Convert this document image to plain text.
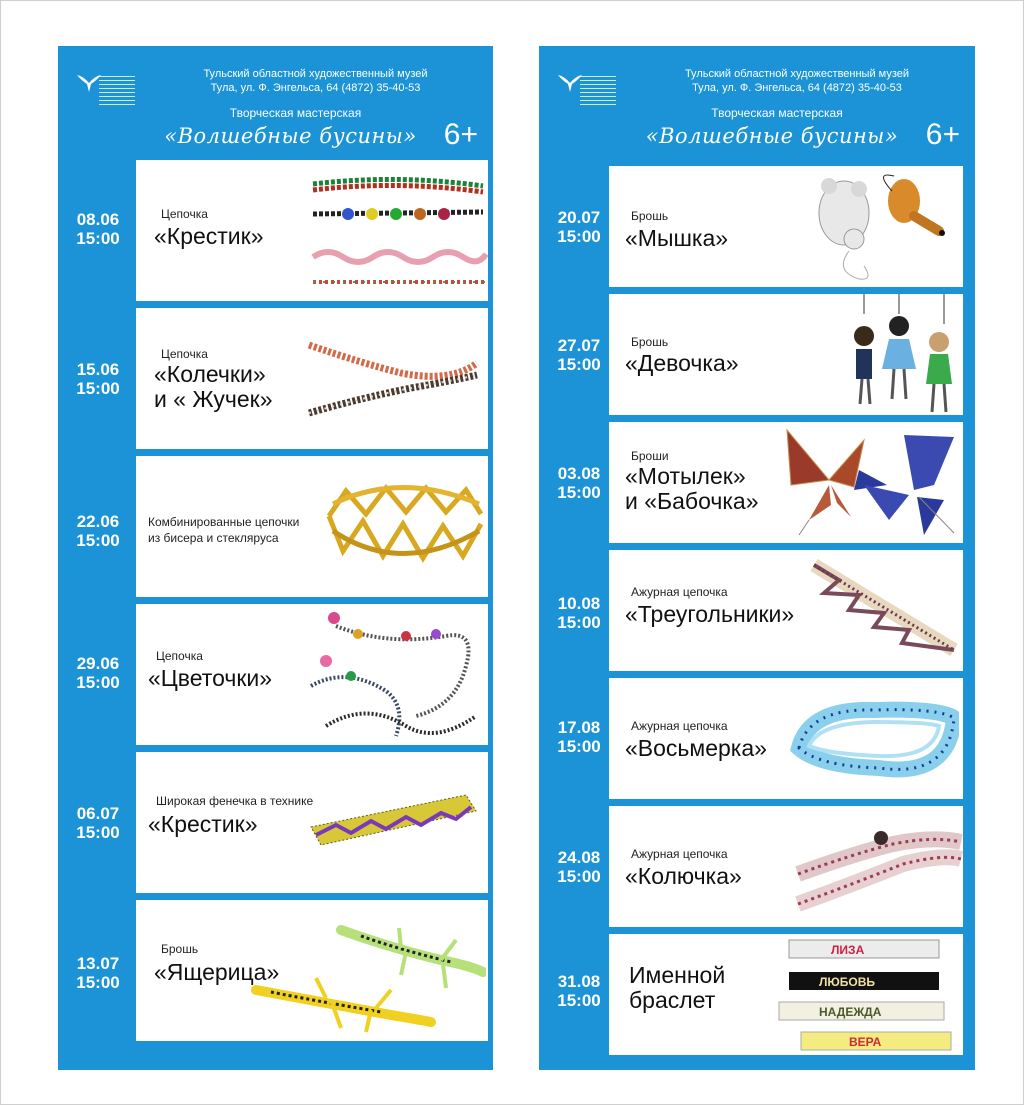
Тульский областной художественный музей
Тула, ул. Ф. Энгельса, 64 (4872) 35-40-53
Творческая мастерская
«Волшебные бусины» 6+
Тульский областной художественный музей
Тула, ул. Ф. Энгельса, 64 (4872) 35-40-53
Творческая мастерская
«Волшебные бусины» 6+
08.06
15:00
Цепочка
«Крестик»
15.06
15:00
Цепочка
«Колечки»
и « Жучек»
22.06
15:00
Комбинированные цепочки
из бисера и стекляруса
29.06
15:00
Цепочка
«Цветочки»
06.07
15:00
Широкая фенечка в технике
«Крестик»
13.07
15:00
Брошь
«Ящерица»
20.07
15:00
Брошь
«Мышка»
27.07
15:00
Брошь
«Девочка»
03.08
15:00
Броши
«Мотылек»
и «Бабочка»
10.08
15:00
Ажурная цепочка
«Треугольники»
17.08
15:00
Ажурная цепочка
«Восьмерка»
24.08
15:00
Ажурная цепочка
«Колючка»
31.08
15:00
Именной
браслет
ЛИЗА
ЛЮБОВЬ
НАДЕЖДА
ВЕРА
